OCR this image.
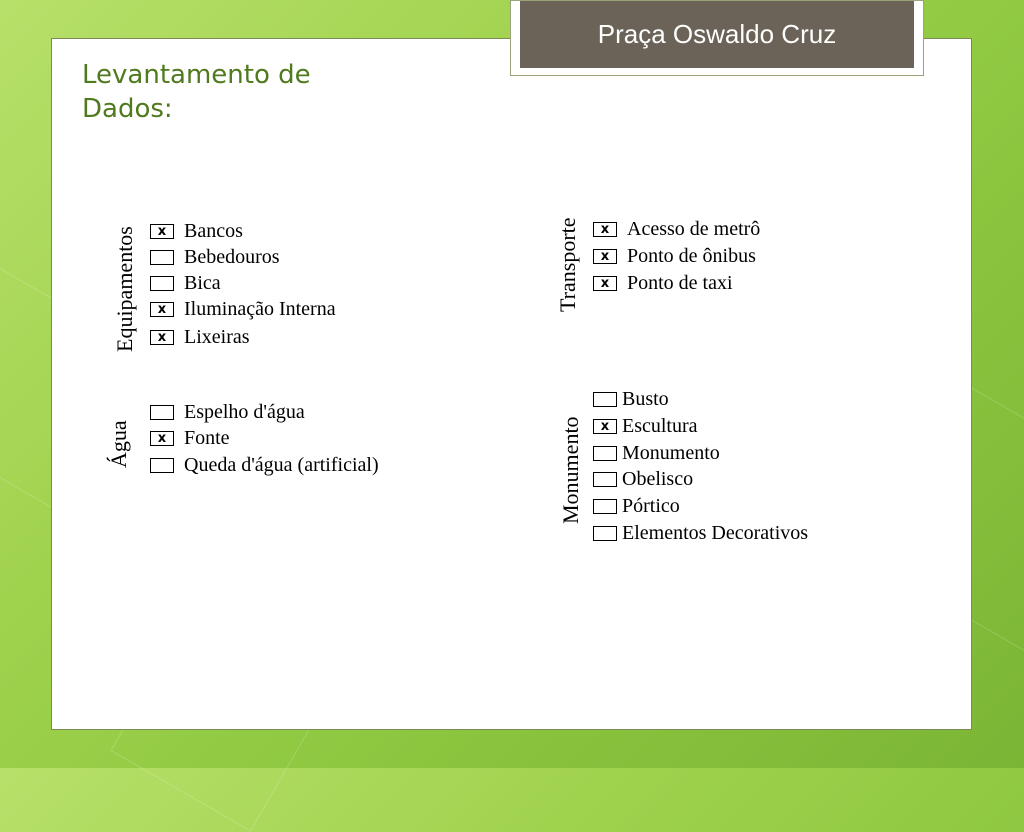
Praça Oswaldo Cruz
Levantamento de Dados:
Equipamentos	x Bancos
Bebedouros
Bica
x Iluminação Interna
x Lixeiras
Água
Espelho d'água
x Fonte
Queda d'água (artificial)
Transporte	x Acesso de metrô
x Ponto de ônibus
x Ponto de taxi
Monumento
Busto
x Escultura
Monumento
Obelisco
Pórtico
Elementos Decorativos
